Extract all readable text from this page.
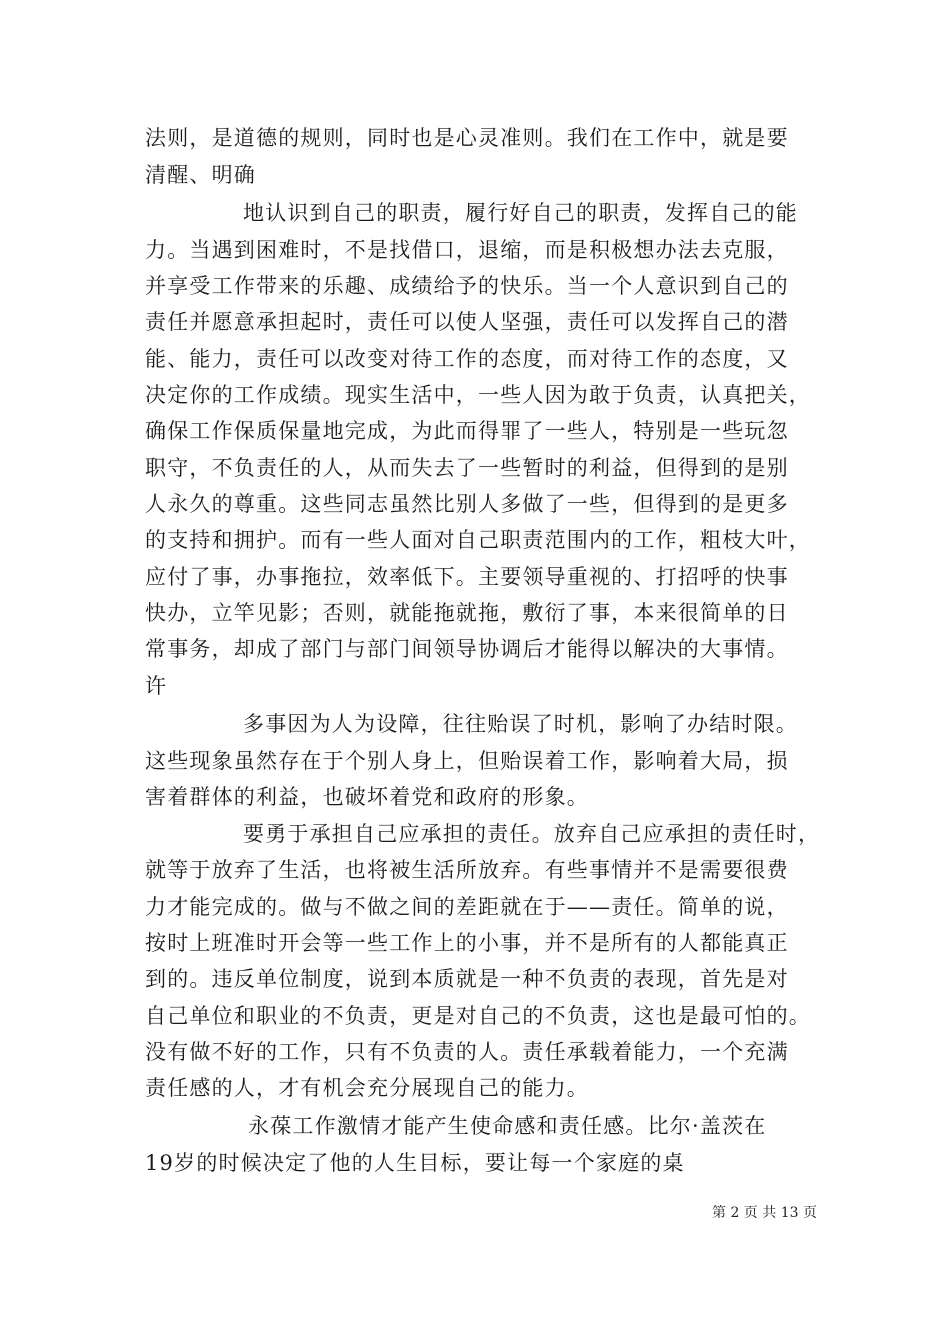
法则，是道德的规则，同时也是心灵准则。我们在工作中，就是要
清醒、明确
地认识到自己的职责，履行好自己的职责，发挥自己的能
力。当遇到困难时，不是找借口，退缩，而是积极想办法去克服，
并享受工作带来的乐趣、成绩给予的快乐。当一个人意识到自己的
责任并愿意承担起时，责任可以使人坚强，责任可以发挥自己的潜
能、能力，责任可以改变对待工作的态度，而对待工作的态度，又
决定你的工作成绩。现实生活中，一些人因为敢于负责，认真把关，
确保工作保质保量地完成，为此而得罪了一些人，特别是一些玩忽
职守，不负责任的人，从而失去了一些暂时的利益，但得到的是别
人永久的尊重。这些同志虽然比别人多做了一些，但得到的是更多
的支持和拥护。而有一些人面对自己职责范围内的工作，粗枝大叶，
应付了事，办事拖拉，效率低下。主要领导重视的、打招呼的快事
快办，立竿见影；否则，就能拖就拖，敷衍了事，本来很简单的日
常事务，却成了部门与部门间领导协调后才能得以解决的大事情。
许
多事因为人为设障，往往贻误了时机，影响了办结时限。
这些现象虽然存在于个别人身上，但贻误着工作，影响着大局，损
害着群体的利益，也破坏着党和政府的形象。
要勇于承担自己应承担的责任。放弃自己应承担的责任时，
就等于放弃了生活，也将被生活所放弃。有些事情并不是需要很费
力才能完成的。做与不做之间的差距就在于——责任。简单的说，
按时上班准时开会等一些工作上的小事，并不是所有的人都能真正
到的。违反单位制度，说到本质就是一种不负责的表现，首先是对
自己单位和职业的不负责，更是对自己的不负责，这也是最可怕的。
没有做不好的工作，只有不负责的人。责任承载着能力，一个充满
责任感的人，才有机会充分展现自己的能力。
永葆工作激情才能产生使命感和责任感。比尔·盖茨在
19岁的时候决定了他的人生目标，要让每一个家庭的桌
第 2 页 共 13 页
